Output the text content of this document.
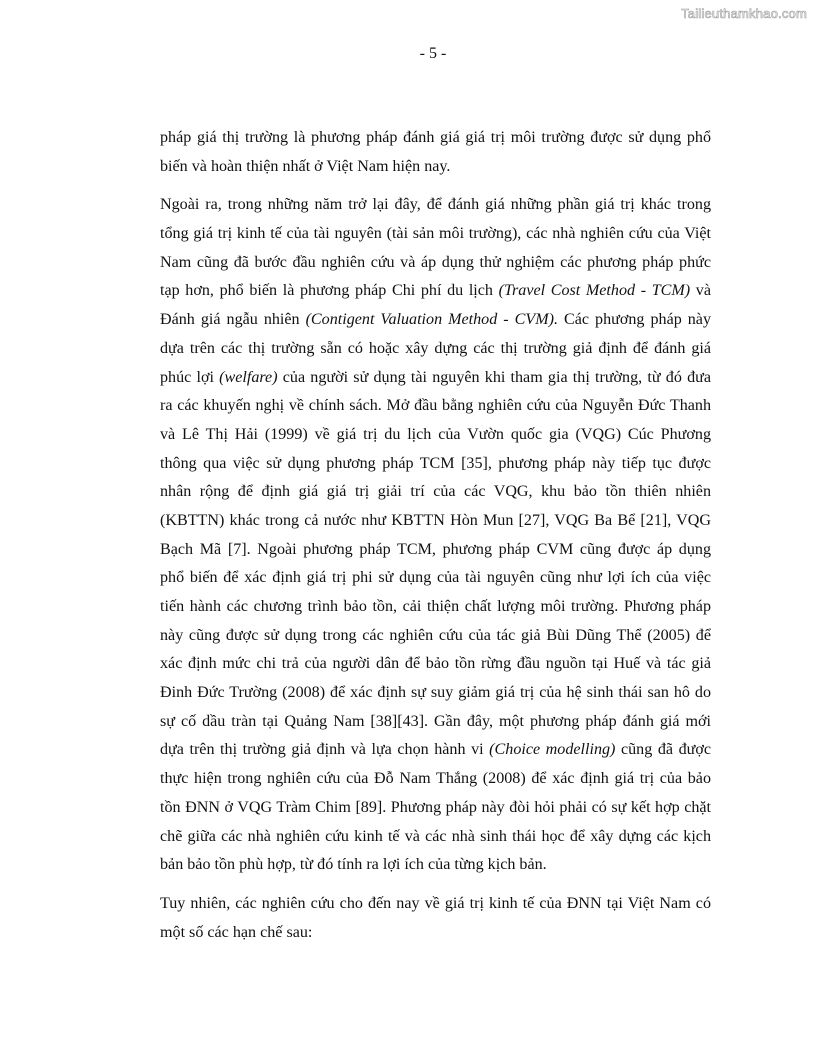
Tailieuthamkhao.com
- 5 -
pháp giá thị trường là phương pháp đánh giá giá trị môi trường được sử dụng phổ
biến và hoàn thiện nhất ở Việt Nam hiện nay.
Ngoài ra, trong những năm trở lại đây, để đánh giá những phần giá trị khác trong
tổng giá trị kinh tế của tài nguyên (tài sản môi trường), các nhà nghiên cứu của Việt
Nam cũng đã bước đầu nghiên cứu và áp dụng thử nghiệm các phương pháp phức
tạp hơn, phổ biến là phương pháp Chi phí du lịch (Travel Cost Method - TCM) và
Đánh giá ngẫu nhiên (Contigent Valuation Method - CVM). Các phương pháp này
dựa trên các thị trường sẵn có hoặc xây dựng các thị trường giả định để đánh giá
phúc lợi (welfare) của người sử dụng tài nguyên khi tham gia thị trường, từ đó đưa
ra các khuyến nghị về chính sách. Mở đầu bằng nghiên cứu của Nguyễn Đức Thanh
và Lê Thị Hải (1999) về giá trị du lịch của Vườn quốc gia (VQG) Cúc Phương
thông qua việc sử dụng phương pháp TCM [35], phương pháp này tiếp tục được
nhân rộng để định giá giá trị giải trí của các VQG, khu bảo tồn thiên nhiên
(KBTTN) khác trong cả nước như KBTTN Hòn Mun [27], VQG Ba Bể [21], VQG
Bạch Mã [7]. Ngoài phương pháp TCM, phương pháp CVM cũng được áp dụng
phổ biến để xác định giá trị phi sử dụng của tài nguyên cũng như lợi ích của việc
tiến hành các chương trình bảo tồn, cải thiện chất lượng môi trường. Phương pháp
này cũng được sử dụng trong các nghiên cứu của tác giả Bùi Dũng Thể (2005) để
xác định mức chi trả của người dân để bảo tồn rừng đầu nguồn tại Huế và tác giả
Đinh Đức Trường (2008) để xác định sự suy giảm giá trị của hệ sinh thái san hô do
sự cố dầu tràn tại Quảng Nam [38][43]. Gần đây, một phương pháp đánh giá mới
dựa trên thị trường giả định và lựa chọn hành vi (Choice modelling) cũng đã được
thực hiện trong nghiên cứu của Đỗ Nam Thắng (2008) để xác định giá trị của bảo
tồn ĐNN ở VQG Tràm Chim [89]. Phương pháp này đòi hỏi phải có sự kết hợp chặt
chẽ giữa các nhà nghiên cứu kinh tế và các nhà sinh thái học để xây dựng các kịch
bản bảo tồn phù hợp, từ đó tính ra lợi ích của từng kịch bản.
Tuy nhiên, các nghiên cứu cho đến nay về giá trị kinh tế của ĐNN tại Việt Nam có
một số các hạn chế sau:
